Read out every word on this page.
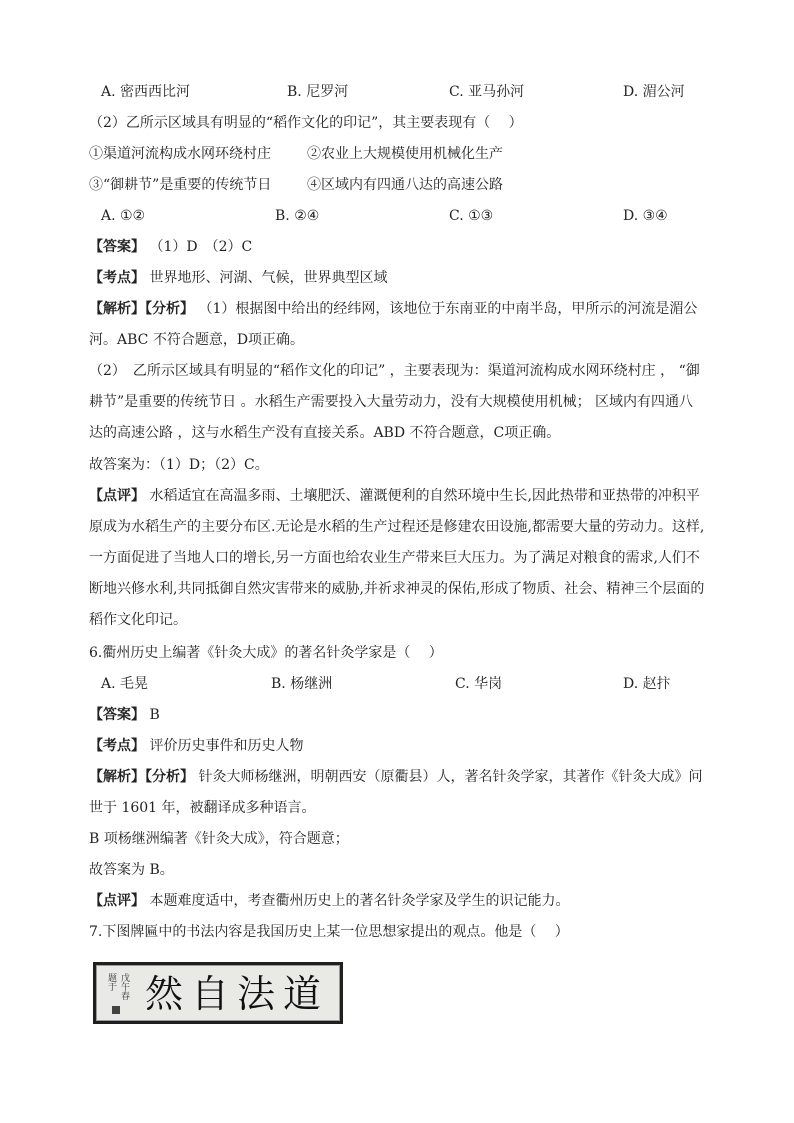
A. 密西西比河	B. 尼罗河	C. 亚马孙河	D. 湄公河
（2）乙所示区域具有明显的“稻作文化的印记”，其主要表现有（　 ）
①渠道河流构成水网环绕村庄	②农业上大规模使用机械化生产
③“御耕节”是重要的传统节日	④区域内有四通八达的高速公路
A. ①②	B. ②④	C. ①③	D. ③④
【答案】 （1）D　（2）C
【考点】 世界地形、河湖、气候，世界典型区域
【解析】【分析】 （1）根据图中给出的经纬网，该地位于东南亚的中南半岛，甲所示的河流是湄公河。ABC 不符合题意，D项正确。
（2）　乙所示区域具有明显的“稻作文化的印记” ，主要表现为：渠道河流构成水网环绕村庄 ， “御耕节”是重要的传统节日 。水稻生产需要投入大量劳动力，没有大规模使用机械； 区域内有四通八达的高速公路 ，这与水稻生产没有直接关系。ABD 不符合题意，C项正确。
故答案为：（1）D；（2）C。
【点评】 水稻适宜在高温多雨、土壤肥沃、灌溉便利的自然环境中生长,因此热带和亚热带的冲积平原成为水稻生产的主要分布区.无论是水稻的生产过程还是修建农田设施,都需要大量的劳动力。这样,一方面促进了当地人口的增长,另一方面也给农业生产带来巨大压力。为了满足对粮食的需求,人们不断地兴修水利,共同抵御自然灾害带来的威胁,并祈求神灵的保佑,形成了物质、社会、精神三个层面的稻作文化印记。
6.衢州历史上编著《针灸大成》的著名针灸学家是（　 ）
A. 毛晃	B. 杨继洲	C. 华岗	D. 赵抃
【答案】 B
【考点】 评价历史事件和历史人物
【解析】【分析】 针灸大师杨继洲，明朝西安（原衢县）人，著名针灸学家，其著作《针灸大成》问世于 1601 年，被翻译成多种语言。
B 项杨继洲编著《针灸大成》，符合题意；
故答案为 B。
【点评】 本题难度适中，考查衢州历史上的著名针灸学家及学生的识记能力。
7.下图牌匾中的书法内容是我国历史上某一位思想家提出的观点。他是（　 ）
戊午春
题于 然自法道
